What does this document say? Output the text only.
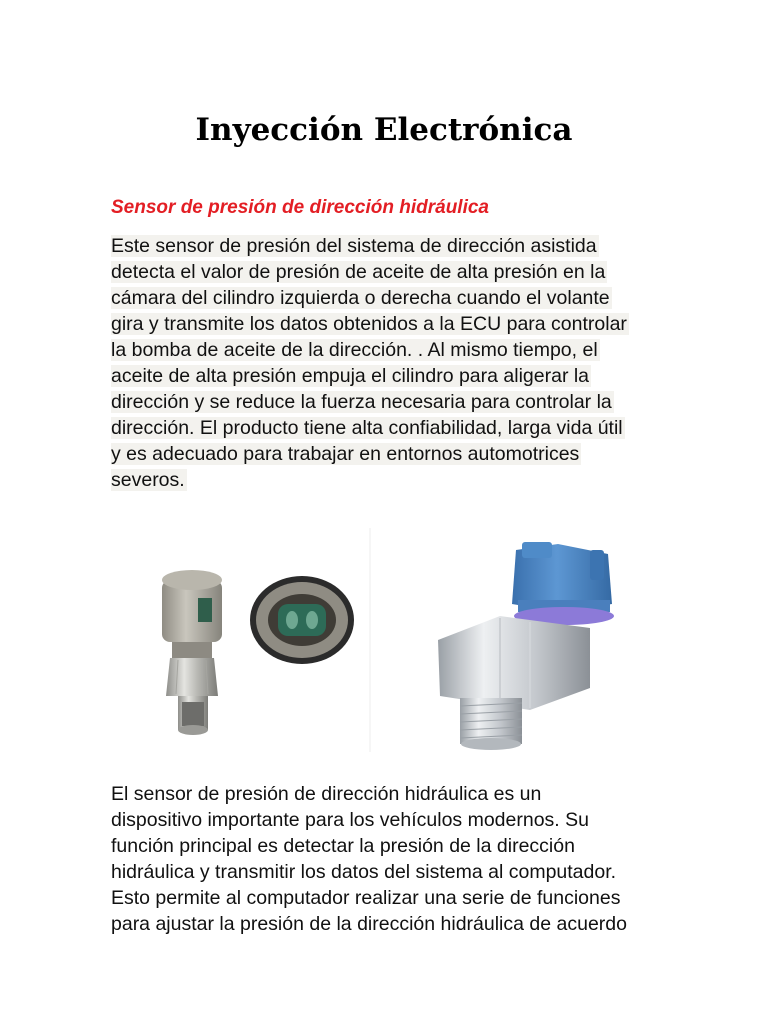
Inyección Electrónica
Sensor de presión de dirección hidráulica
Este sensor de presión del sistema de dirección asistida
detecta el valor de presión de aceite de alta presión en la
cámara del cilindro izquierda o derecha cuando el volante
gira y transmite los datos obtenidos a la ECU para controlar
la bomba de aceite de la dirección. . Al mismo tiempo, el
aceite de alta presión empuja el cilindro para aligerar la
dirección y se reduce la fuerza necesaria para controlar la
dirección. El producto tiene alta confiabilidad, larga vida útil
y es adecuado para trabajar en entornos automotrices
severos.
El sensor de presión de dirección hidráulica es un
dispositivo importante para los vehículos modernos. Su
función principal es detectar la presión de la dirección
hidráulica y transmitir los datos del sistema al computador.
Esto permite al computador realizar una serie de funciones
para ajustar la presión de la dirección hidráulica de acuerdo
